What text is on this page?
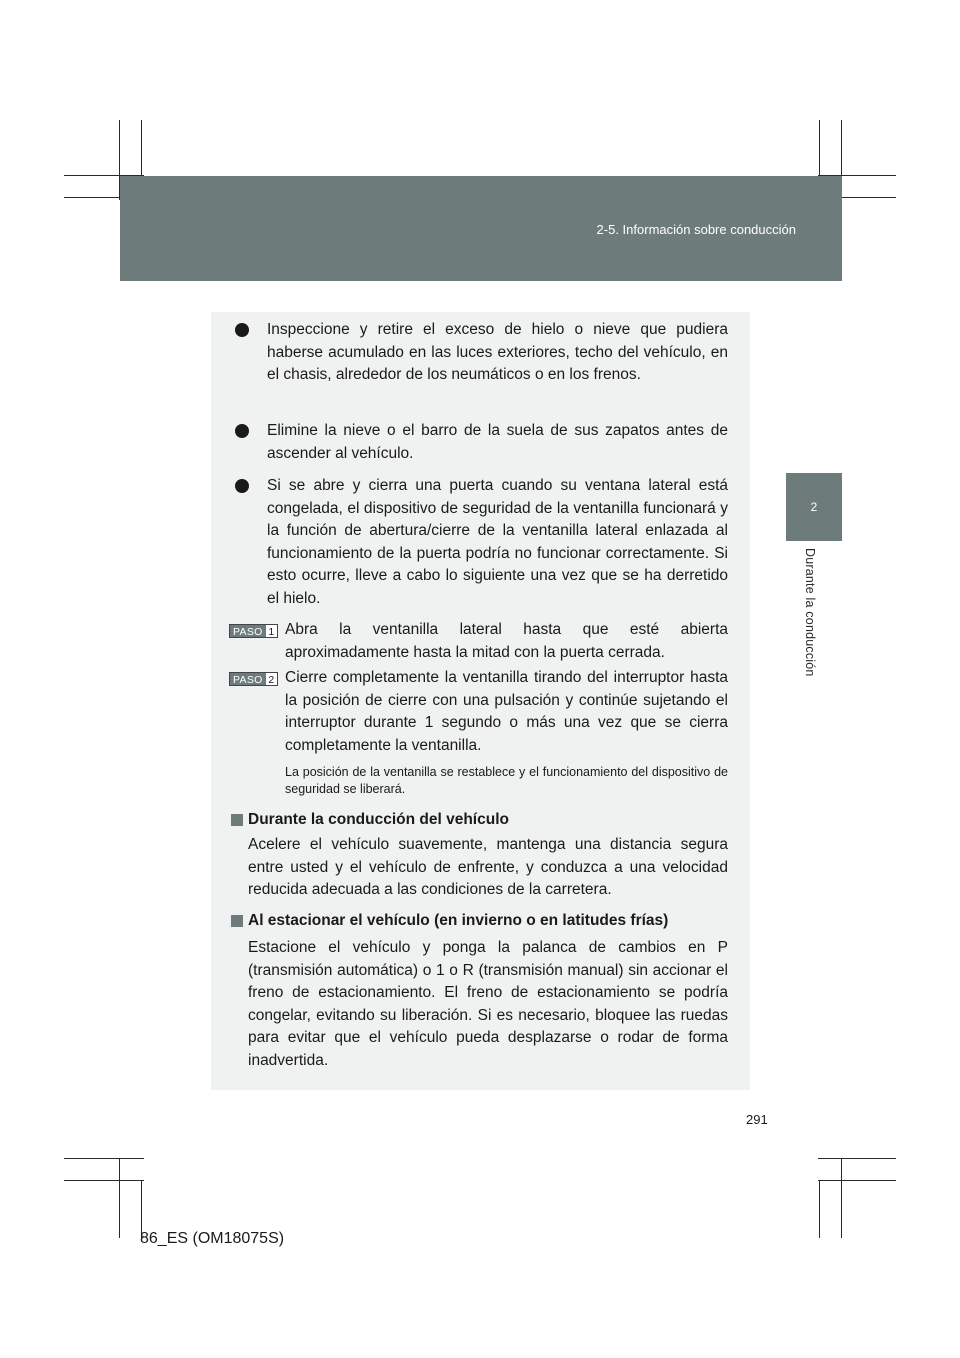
2-5. Información sobre conducción
2
Durante la conducción
Inspeccione y retire el exceso de hielo o nieve que pudiera haberse acumulado en las luces exteriores, techo del vehículo, en el chasis, alrededor de los neumáticos o en los frenos.
Elimine la nieve o el barro de la suela de sus zapatos antes de ascender al vehículo.
Si se abre y cierra una puerta cuando su ventana lateral está congelada, el dispositivo de seguridad de la ventanilla funcionará y la función de abertura/cierre de la ventanilla lateral enlazada al funcionamiento de la puerta podría no funcionar correctamente. Si esto ocurre, lleve a cabo lo siguiente una vez que se ha derretido el hielo.
PASO 1 Abra la ventanilla lateral hasta que esté abierta aproximadamente hasta la mitad con la puerta cerrada.
PASO 2 Cierre completamente la ventanilla tirando del interruptor hasta la posición de cierre con una pulsación y continúe sujetando el interruptor durante 1 segundo o más una vez que se cierra completamente la ventanilla.
La posición de la ventanilla se restablece y el funcionamiento del dispositivo de seguridad se liberará.
Durante la conducción del vehículo
Acelere el vehículo suavemente, mantenga una distancia segura entre usted y el vehículo de enfrente, y conduzca a una velocidad reducida adecuada a las condiciones de la carretera.
Al estacionar el vehículo (en invierno o en latitudes frías)
Estacione el vehículo y ponga la palanca de cambios en P (transmisión automática) o 1 o R (transmisión manual) sin accionar el freno de estacionamiento. El freno de estacionamiento se podría congelar, evitando su liberación. Si es necesario, bloquee las ruedas para evitar que el vehículo pueda desplazarse o rodar de forma inadvertida.
291
86_ES (OM18075S)
